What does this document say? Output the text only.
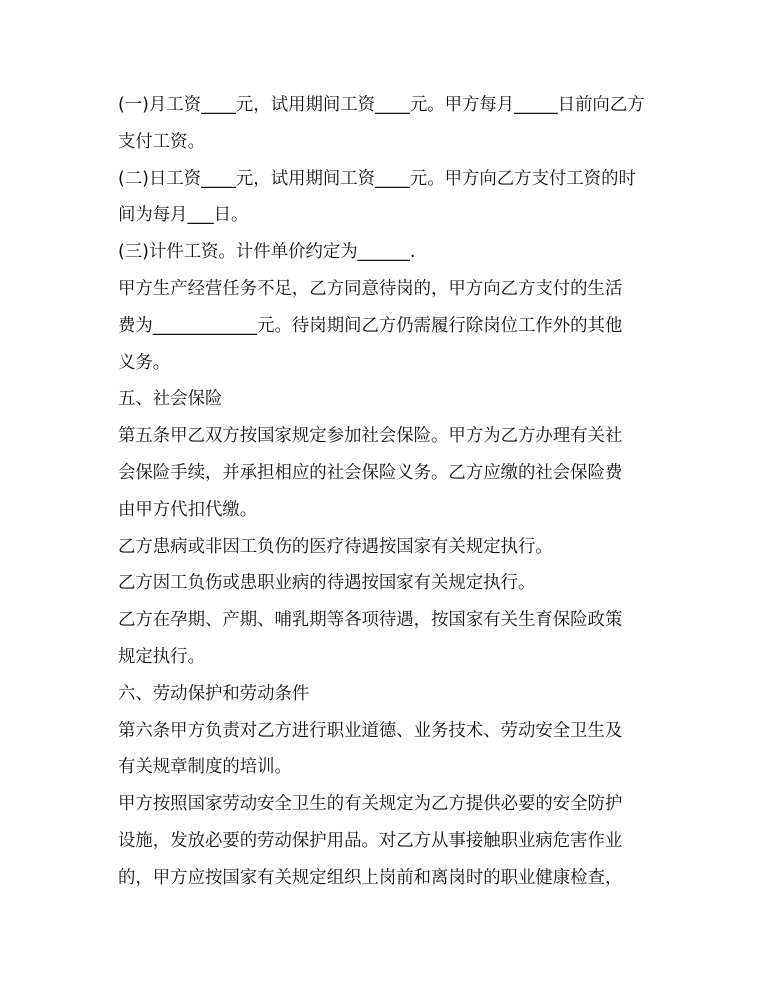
(一)月工资____元，试用期间工资____元。甲方每月_____日前向乙方

支付工资。

(二)日工资____元，试用期间工资____元。甲方向乙方支付工资的时

间为每月___日。

(三)计件工资。计件单价约定为______.

甲方生产经营任务不足，乙方同意待岗的，甲方向乙方支付的生活

费为____________元。待岗期间乙方仍需履行除岗位工作外的其他

义务。

五、社会保险

第五条甲乙双方按国家规定参加社会保险。甲方为乙方办理有关社

会保险手续，并承担相应的社会保险义务。乙方应缴的社会保险费

由甲方代扣代缴。

乙方患病或非因工负伤的医疗待遇按国家有关规定执行。

乙方因工负伤或患职业病的待遇按国家有关规定执行。

乙方在孕期、产期、哺乳期等各项待遇，按国家有关生育保险政策

规定执行。

六、劳动保护和劳动条件

第六条甲方负责对乙方进行职业道德、业务技术、劳动安全卫生及

有关规章制度的培训。

甲方按照国家劳动安全卫生的有关规定为乙方提供必要的安全防护

设施，发放必要的劳动保护用品。对乙方从事接触职业病危害作业

的，甲方应按国家有关规定组织上岗前和离岗时的职业健康检查，
